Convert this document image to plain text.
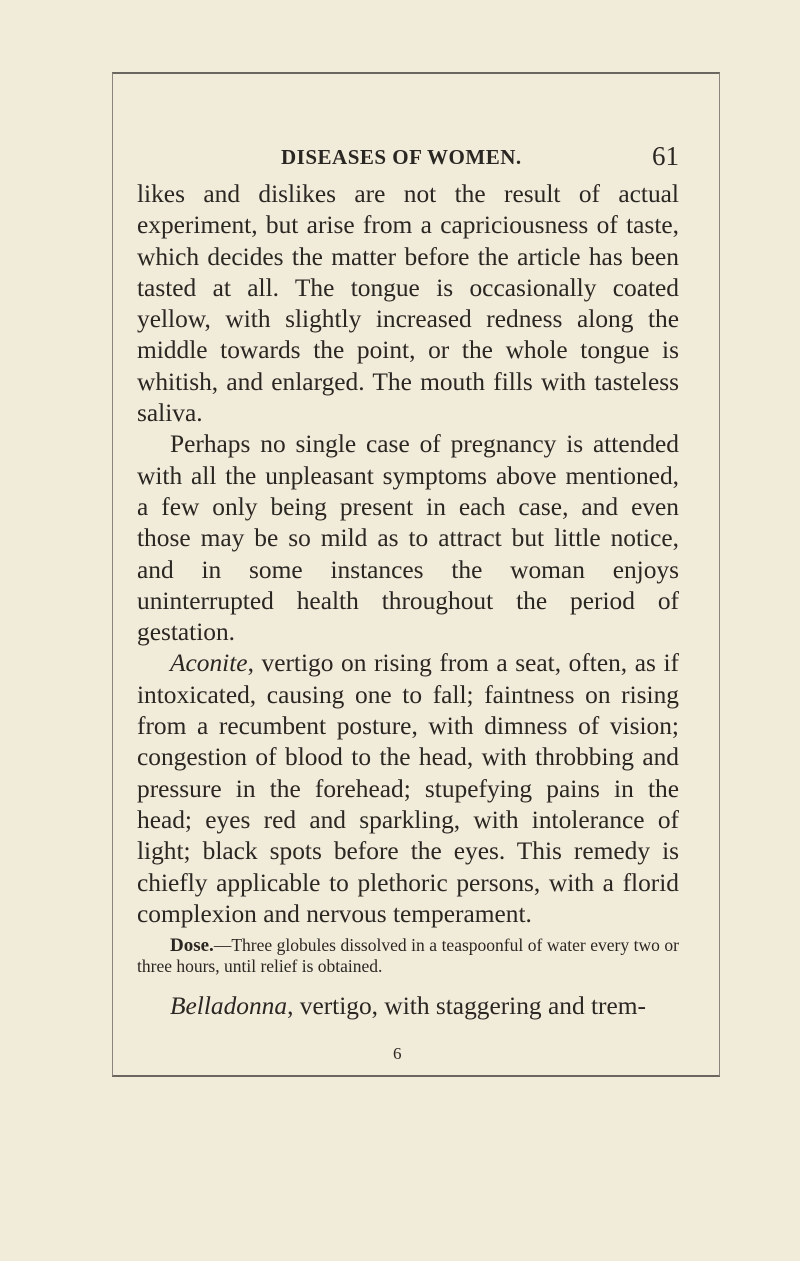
DISEASES OF WOMEN.	61

likes and dislikes are not the result of actual experiment, but arise from a capriciousness of taste, which decides the matter before the article has been tasted at all. The tongue is occasionally coated yellow, with slightly increased redness along the middle towards the point, or the whole tongue is whitish, and enlarged. The mouth fills with tasteless saliva.

Perhaps no single case of pregnancy is attended with all the unpleasant symptoms above mentioned, a few only being present in each case, and even those may be so mild as to attract but little notice, and in some instances the woman enjoys uninterrupted health throughout the period of gestation.

Aconite, vertigo on rising from a seat, often, as if intoxicated, causing one to fall; faintness on rising from a recumbent posture, with dimness of vision; congestion of blood to the head, with throbbing and pressure in the forehead; stupefying pains in the head; eyes red and sparkling, with intolerance of light; black spots before the eyes. This remedy is chiefly applicable to plethoric persons, with a florid complexion and nervous temperament.

Dose.—Three globules dissolved in a teaspoonful of water every two or three hours, until relief is obtained.

Belladonna, vertigo, with staggering and trem-

6
